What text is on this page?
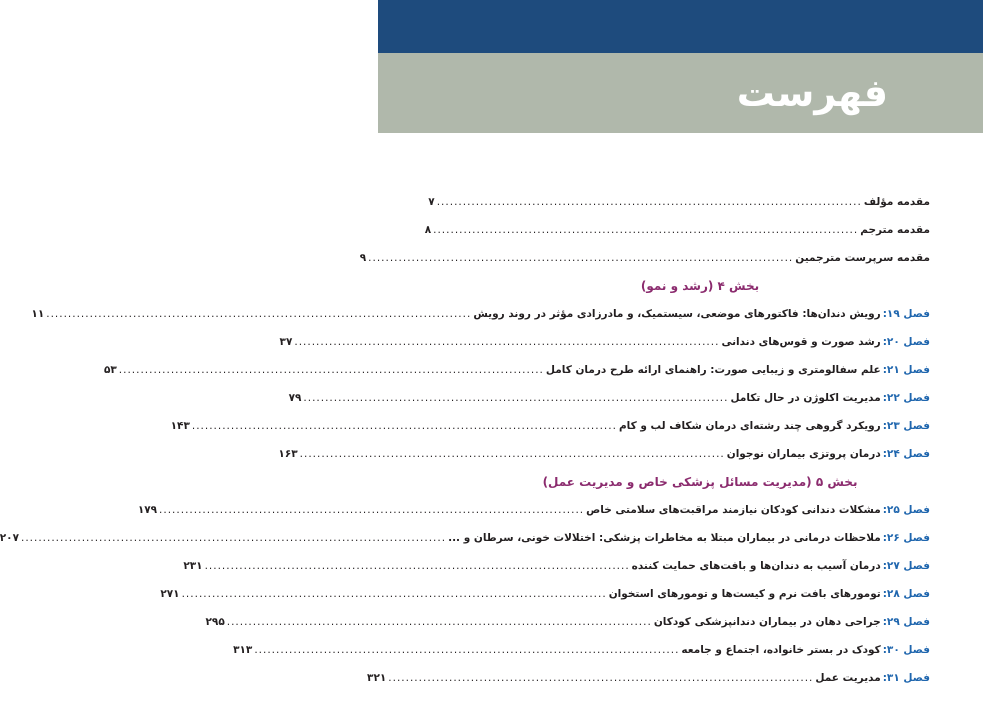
فهرست
مقدمه مؤلف
..................................................................................................
۷
مقدمه مترجم
..................................................................................................
۸
مقدمه سرپرست مترجمین
..................................................................................................
۹
بخش ۴ (رشد و نمو)
فصل ۱۹:
رویش دندان‌ها: فاکتورهای موضعی، سیستمیک، و مادرزادی مؤثر در روند رویش
..................................................................................................
۱۱
فصل ۲۰:
رشد صورت و قوس‌های دندانی
..................................................................................................
۳۷
فصل ۲۱:
علم سفالومتری و زیبایی صورت: راهنمای ارائه طرح درمان کامل
..................................................................................................
۵۳
فصل ۲۲:
مدیریت اکلوژن در حال تکامل
..................................................................................................
۷۹
فصل ۲۳:
رویکرد گروهی چند رشته‌ای درمان شکاف لب و کام
..................................................................................................
۱۴۳
فصل ۲۴:
درمان پروتزی بیماران نوجوان
..................................................................................................
۱۶۳
بخش ۵ (مدیریت مسائل پزشکی خاص و مدیریت عمل)
فصل ۲۵:
مشکلات دندانی کودکان نیازمند مراقبت‌های سلامتی خاص
..................................................................................................
۱۷۹
فصل ۲۶:
ملاحظات درمانی در بیماران مبتلا به مخاطرات پزشکی: اختلالات خونی، سرطان و ...
..................................................................................................
۲۰۷
فصل ۲۷:
درمان آسیب به دندان‌ها و بافت‌های حمایت کننده
..................................................................................................
۲۳۱
فصل ۲۸:
تومورهای بافت نرم و کیست‌ها و تومورهای استخوان
..................................................................................................
۲۷۱
فصل ۲۹:
جراحی دهان در بیماران دندانپزشکی کودکان
..................................................................................................
۲۹۵
فصل ۳۰:
کودک در بستر خانواده، اجتماع و جامعه
..................................................................................................
۳۱۳
فصل ۳۱:
مدیریت عمل
..................................................................................................
۳۲۱
